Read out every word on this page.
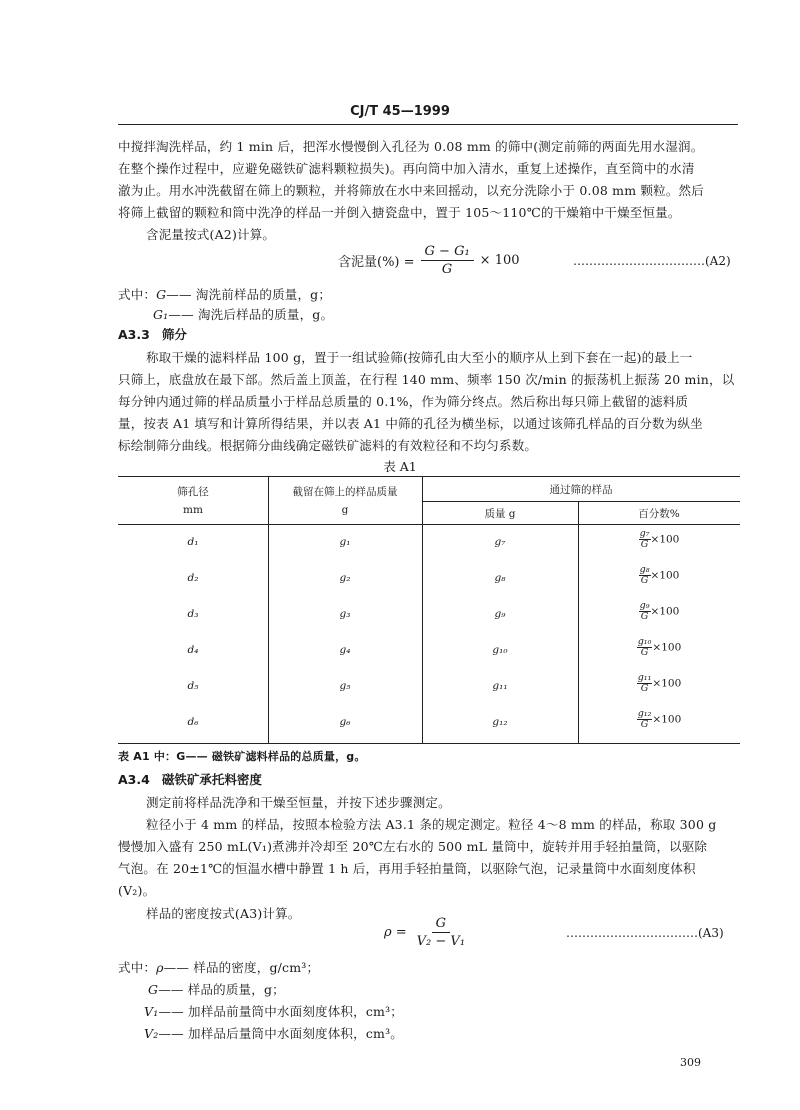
CJ/T 45—1999
中搅拌淘洗样品，约 1 min 后，把浑水慢慢倒入孔径为 0.08 mm 的筛中(测定前筛的两面先用水湿润。
在整个操作过程中，应避免磁铁矿滤料颗粒损失)。再向筒中加入清水，重复上述操作，直至筒中的水清
澈为止。用水冲洗截留在筛上的颗粒，并将筛放在水中来回摇动，以充分洗除小于 0.08 mm 颗粒。然后
将筛上截留的颗粒和筒中洗净的样品一并倒入搪瓷盘中，置于 105～110℃的干燥箱中干燥至恒量。
含泥量按式(A2)计算。
含泥量(%) = $\frac{\text{G − G₁}}{G} \times 100$	……………………………(A2)
式中：G—— 淘洗前样品的质量，g；
G₁—— 淘洗后样品的质量，g。
A3.3 筛分
称取干燥的滤料样品 100 g，置于一组试验筛(按筛孔由大至小的顺序从上到下套在一起)的最上一
只筛上，底盘放在最下部。然后盖上顶盖，在行程 140 mm、频率 150 次/min 的振荡机上振荡 20 min，以
每分钟内通过筛的样品质量小于样品总质量的 0.1%，作为筛分终点。然后称出每只筛上截留的滤料质
量，按表 A1 填写和计算所得结果，并以表 A1 中筛的孔径为横坐标，以通过该筛孔样品的百分数为纵坐
标绘制筛分曲线。根据筛分曲线确定磁铁矿滤料的有效粒径和不均匀系数。
表 A1
筛孔径
mm
截留在筛上的样品质量
g
通过筛的样品
质量 g	百分数%
d₁	g₁	g₇	$\frac{\text{g₇}}{G} \times 100$
d₂	g₂	g₈	$\frac{\text{g₈}}{G} \times 100$
d₃	g₃	g₉	$\frac{\text{g₉}}{G} \times 100$
d₄	g₄	g₁₀	$\frac{\text{g₁₀}}{G} \times 100$
d₅	g₅	g₁₁	$\frac{\text{g₁₁}}{G} \times 100$
d₆	g₆	g₁₂	$\frac{\text{g₁₂}}{G} \times 100$
表 A1 中：G—— 磁铁矿滤料样品的总质量，g。
A3.4 磁铁矿承托料密度
测定前将样品洗净和干燥至恒量，并按下述步骤测定。
粒径小于 4 mm 的样品，按照本检验方法 A3.1 条的规定测定。粒径 4～8 mm 的样品，称取 300 g
慢慢加入盛有 250 mL(V₁)煮沸并冷却至 20℃左右水的 500 mL 量筒中，旋转并用手轻拍量筒，以驱除
气泡。在 20±1℃的恒温水槽中静置 1 h 后，再用手轻拍量筒，以驱除气泡，记录量筒中水面刻度体积
(V₂)。
样品的密度按式(A3)计算。
$\rho = \frac{G}{\text{V₂ − V₁}}$	……………………………(A3)
式中：ρ—— 样品的密度，g/cm³；
G—— 样品的质量，g；
V₁—— 加样品前量筒中水面刻度体积，cm³；
V₂—— 加样品后量筒中水面刻度体积，cm³。
309
